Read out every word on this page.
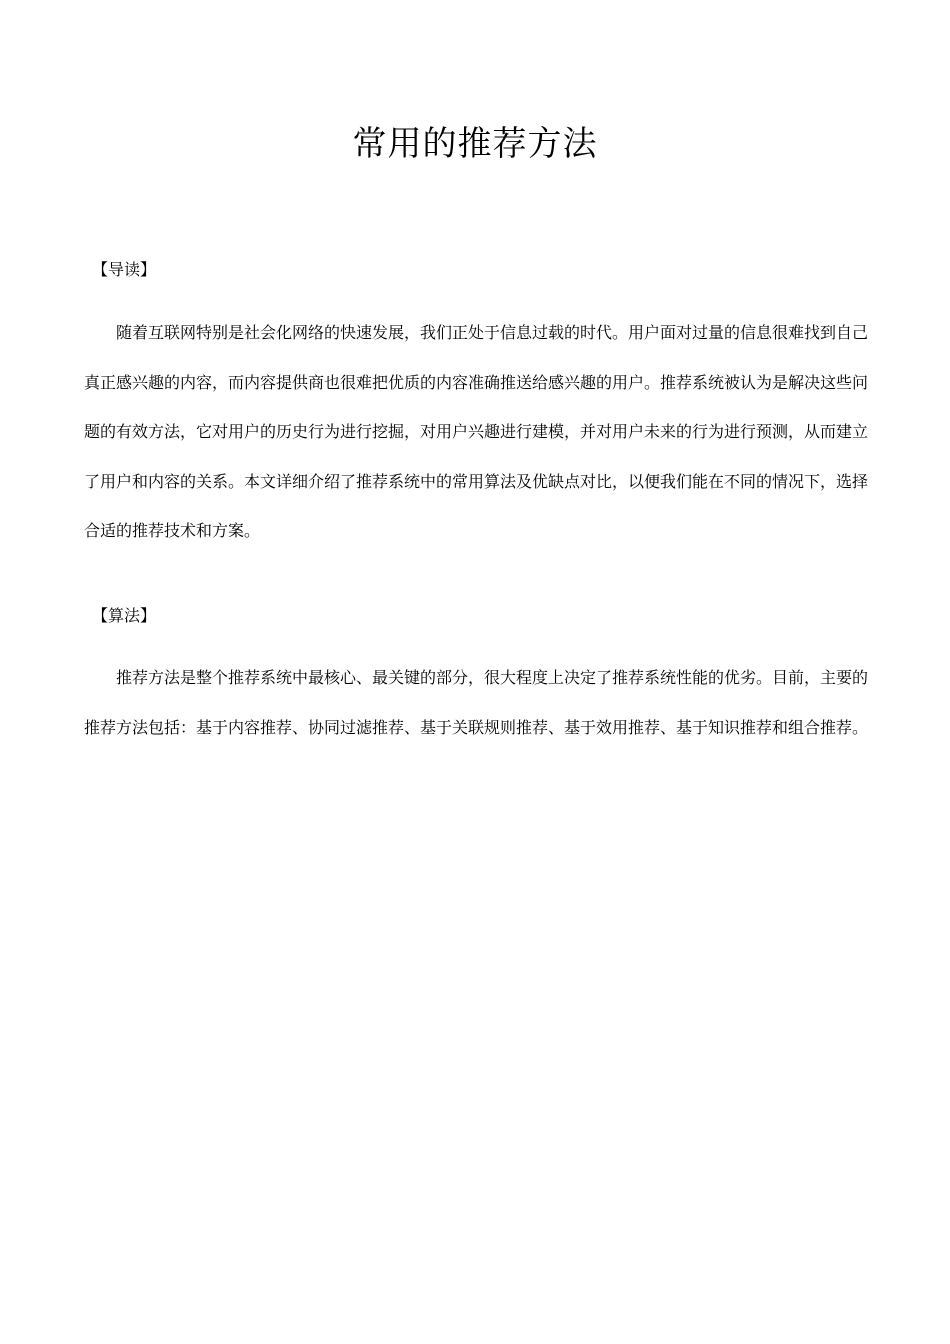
常用的推荐方法

【导读】

随着互联网特别是社会化网络的快速发展，我们正处于信息过载的时代。用户面对过量的信息很难找到自己真正感兴趣的内容，而内容提供商也很难把优质的内容准确推送给感兴趣的用户。推荐系统被认为是解决这些问题的有效方法，它对用户的历史行为进行挖掘，对用户兴趣进行建模，并对用户未来的行为进行预测，从而建立了用户和内容的关系。本文详细介绍了推荐系统中的常用算法及优缺点对比，以便我们能在不同的情况下，选择合适的推荐技术和方案。

【算法】

推荐方法是整个推荐系统中最核心、最关键的部分，很大程度上决定了推荐系统性能的优劣。目前，主要的推荐方法包括：基于内容推荐、协同过滤推荐、基于关联规则推荐、基于效用推荐、基于知识推荐和组合推荐。
